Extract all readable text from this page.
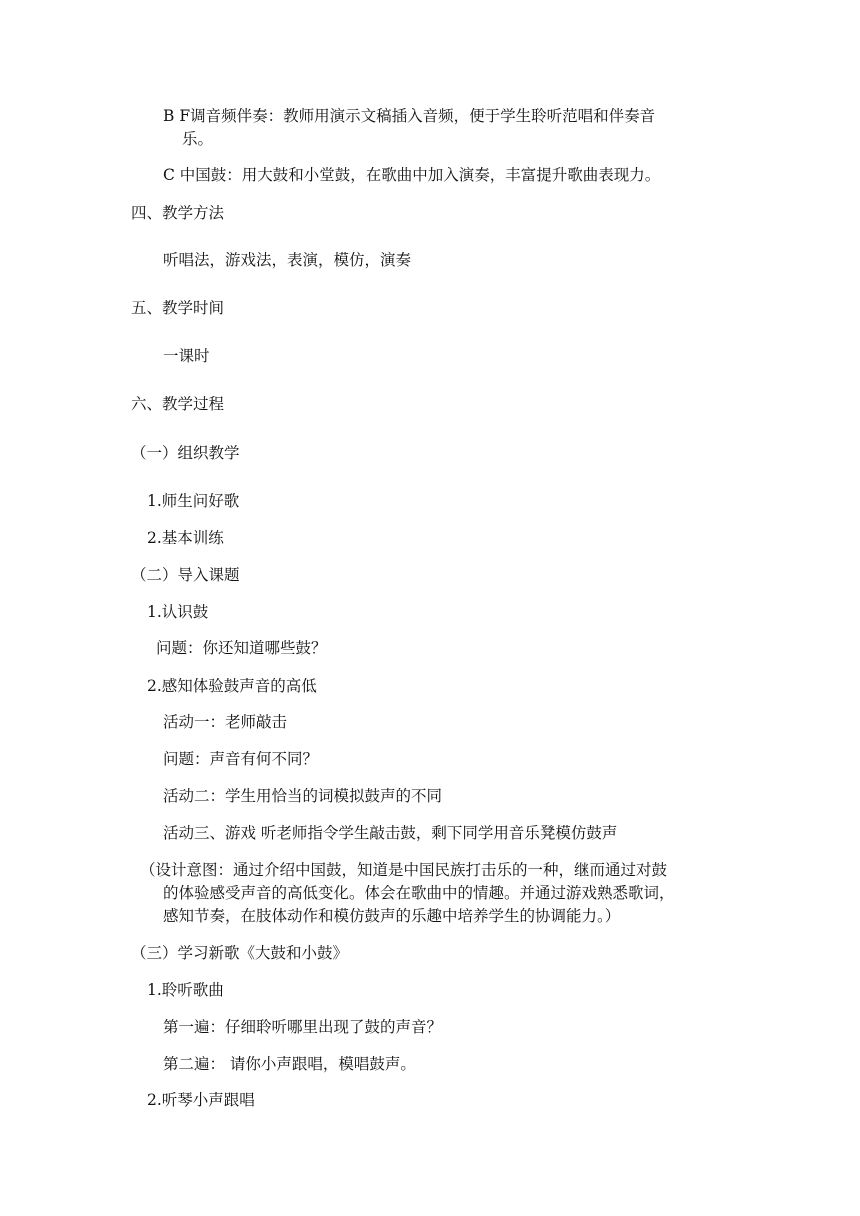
B F调音频伴奏：教师用演示文稿插入音频，便于学生聆听范唱和伴奏音
乐。
C 中国鼓：用大鼓和小堂鼓，在歌曲中加入演奏，丰富提升歌曲表现力。
四、教学方法
听唱法，游戏法，表演，模仿，演奏
五、教学时间
一课时
六、教学过程
（一）组织教学
1.师生问好歌
2.基本训练
（二）导入课题
1.认识鼓
问题：你还知道哪些鼓？
2.感知体验鼓声音的高低
活动一：老师敲击
问题：声音有何不同？
活动二：学生用恰当的词模拟鼓声的不同
活动三、游戏 听老师指令学生敲击鼓，剩下同学用音乐凳模仿鼓声
（设计意图：通过介绍中国鼓，知道是中国民族打击乐的一种，继而通过对鼓
的体验感受声音的高低变化。体会在歌曲中的情趣。并通过游戏熟悉歌词，
感知节奏，在肢体动作和模仿鼓声的乐趣中培养学生的协调能力。）
（三）学习新歌《大鼓和小鼓》
1.聆听歌曲
第一遍：仔细聆听哪里出现了鼓的声音？
第二遍： 请你小声跟唱，模唱鼓声。
2.听琴小声跟唱
